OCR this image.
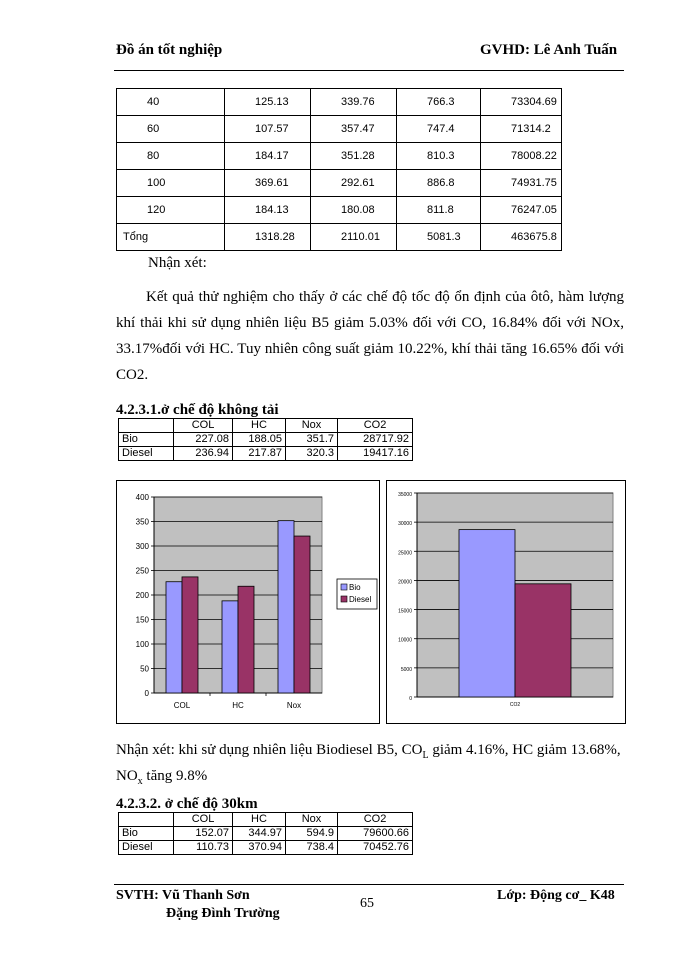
Đồ án tốt nghiệp	GVHD: Lê Anh Tuấn
40	125.13	339.76	766.3	73304.69
60	107.57	357.47	747.4	71314.2
80	184.17	351.28	810.3	78008.22
100	369.61	292.61	886.8	74931.75
120	184.13	180.08	811.8	76247.05
Tổng	1318.28	2110.01	5081.3	463675.8
Nhận xét:

Kết quả thử nghiệm cho thấy ở các chế độ tốc độ ổn định của ôtô, hàm lượng khí thải khi sử dụng nhiên liệu B5 giảm 5.03% đối với CO, 16.84% đối với NOx, 33.17%đối với HC. Tuy nhiên công suất giảm 10.22%, khí thải tăng 16.65% đối với CO2.

4.2.3.1.ở chế độ không tải
	COL	HC	Nox	CO2
Bio	227.08	188.05	351.7	28717.92
Diesel	236.94	217.87	320.3	19417.16
0
50
100
150
200
250
300
350
400
COL	HC	Nox
Bio
Diesel
0
5000
10000
15000
20000
25000
30000
35000
CO2
Nhận xét: khi sử dụng nhiên liệu Biodiesel B5, $CO_L$ giảm 4.16%, HC giảm 13.68%, $NO_x$ tăng 9.8%
4.2.3.2. ở chế độ 30km
	COL	HC	Nox	CO2
Bio	152.07	344.97	594.9	79600.66
Diesel	110.73	370.94	738.4	70452.76
SVTH: Vũ Thanh Sơn
Đặng Đình Trường
65
Lớp: Động cơ_ K48
